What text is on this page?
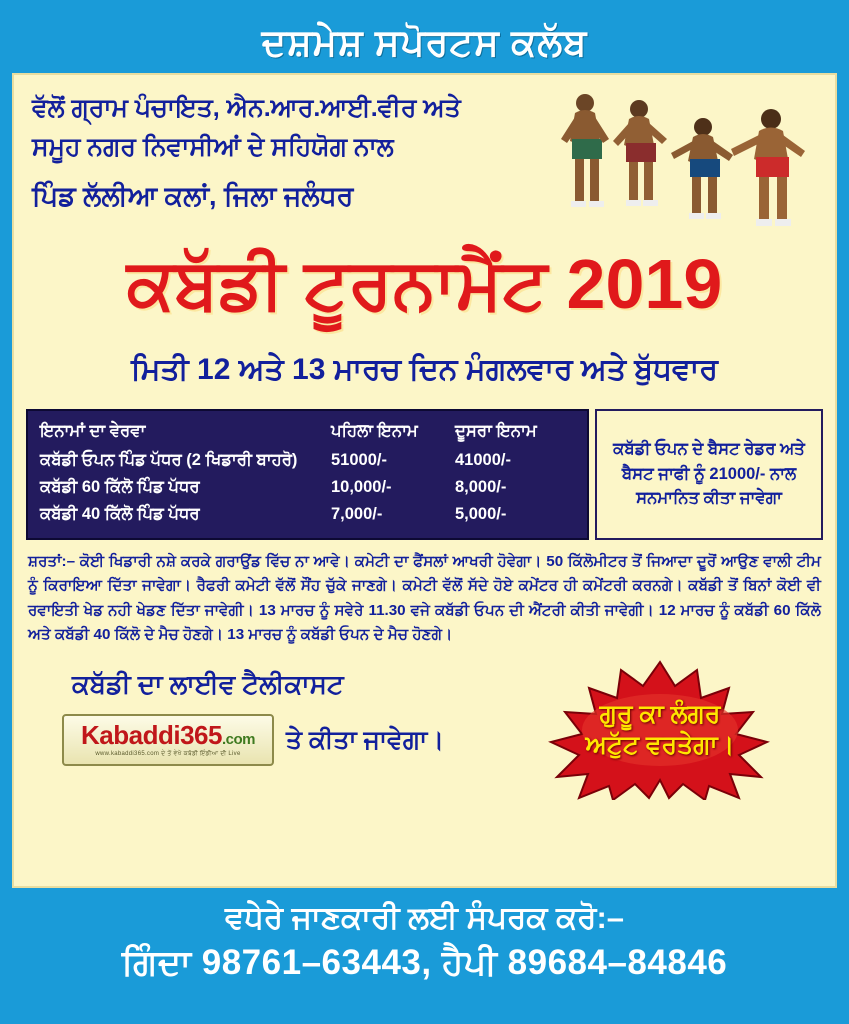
ਦਸ਼ਮੇਸ਼ ਸਪੋਰਟਸ ਕਲੱਬ
ਵੱਲੋਂ ਗ੍ਰਾਮ ਪੰਚਾਇਤ, ਐਨ.ਆਰ.ਆਈ.ਵੀਰ ਅਤੇ
ਸਮੂਹ ਨਗਰ ਨਿਵਾਸੀਆਂ ਦੇ ਸਹਿਯੋਗ ਨਾਲ
ਪਿੰਡ ਲੱਲੀਆ ਕਲਾਂ, ਜਿਲਾ ਜਲੰਧਰ
ਕਬੱਡੀ ਟੂਰਨਾਮੈਂਟ 2019
ਮਿਤੀ 12 ਅਤੇ 13 ਮਾਰਚ ਦਿਨ ਮੰਗਲਵਾਰ ਅਤੇ ਬੁੱਧਵਾਰ
ਇਨਾਮਾਂ ਦਾ ਵੇਰਵਾ	ਪਹਿਲਾ ਇਨਾਮ	ਦੂਸਰਾ ਇਨਾਮ
ਕਬੱਡੀ ਓਪਨ ਪਿੰਡ ਪੱਧਰ (2 ਖਿਡਾਰੀ ਬਾਹਰੋ)	51000/-	41000/-
ਕਬੱਡੀ 60 ਕਿੱਲੋ ਪਿੰਡ ਪੱਧਰ	10,000/-	8,000/-
ਕਬੱਡੀ 40 ਕਿੱਲੋ ਪਿੰਡ ਪੱਧਰ	7,000/-	5,000/-
ਕਬੱਡੀ ਓਪਨ ਦੇ ਬੈਸਟ ਰੇਡਰ ਅਤੇ ਬੈਸਟ ਜਾਫੀ ਨੂੰ 21000/- ਨਾਲ ਸਨਮਾਨਿਤ ਕੀਤਾ ਜਾਵੇਗਾ
ਸ਼ਰਤਾਂ:– ਕੋਈ ਖਿਡਾਰੀ ਨਸ਼ੇ ਕਰਕੇ ਗਰਾਉਂਡ ਵਿੱਚ ਨਾ ਆਵੇ। ਕਮੇਟੀ ਦਾ ਫੈਂਸਲਾਂ ਆਖਰੀ ਹੋਵੇਗਾ। 50 ਕਿੱਲੋਮੀਟਰ ਤੋਂ ਜਿਆਦਾ ਦੂਰੋਂ ਆਉਣ ਵਾਲੀ ਟੀਮ ਨੂੰ ਕਿਰਾਇਆ ਦਿੱਤਾ ਜਾਵੇਗਾ। ਰੈਫਰੀ ਕਮੇਟੀ ਵੱਲੋਂ ਸੌਂਹ ਚੁੱਕੇ ਜਾਣਗੇ। ਕਮੇਟੀ ਵੱਲੋਂ ਸੱਦੇ ਹੋਏ ਕਮੇਂਟਰ ਹੀ ਕਮੇਂਟਰੀ ਕਰਨਗੇ। ਕਬੱਡੀ ਤੋਂ ਬਿਨਾਂ ਕੋਈ ਵੀ ਰਵਾਇਤੀ ਖੇਡ ਨਹੀ ਖੇਡਣ ਦਿੱਤਾ ਜਾਵੇਗੀ। 13 ਮਾਰਚ ਨੂੰ ਸਵੇਰੇ 11.30 ਵਜੇ ਕਬੱਡੀ ਓਪਨ ਦੀ ਐਂਟਰੀ ਕੀਤੀ ਜਾਵੇਗੀ। 12 ਮਾਰਚ ਨੂੰ ਕਬੱਡੀ 60 ਕਿੱਲੋ ਅਤੇ ਕਬੱਡੀ 40 ਕਿੱਲੋ ਦੇ ਮੈਚ ਹੋਣਗੇ। 13 ਮਾਰਚ ਨੂੰ ਕਬੱਡੀ ਓਪਨ ਦੇ ਮੈਚ ਹੋਣਗੇ।
ਕਬੱਡੀ ਦਾ ਲਾਈਵ ਟੈਲੀਕਾਸਟ
Kabaddi365.com
www.kabaddi365.com ਦੇ ਤੋਂ ਵੇਖੋ ਕਬੱਡੀ ਇੰਡੀਆ ਦੀ Live
ਤੇ ਕੀਤਾ ਜਾਵੇਗਾ।
ਗੁਰੂ ਕਾ ਲੰਗਰ
ਅਟੁੱਟ ਵਰਤੇਗਾ।
ਵਧੇਰੇ ਜਾਣਕਾਰੀ ਲਈ ਸੰਪਰਕ ਕਰੋ:–
ਗਿੰਦਾ 98761–63443, ਹੈਪੀ 89684–84846
